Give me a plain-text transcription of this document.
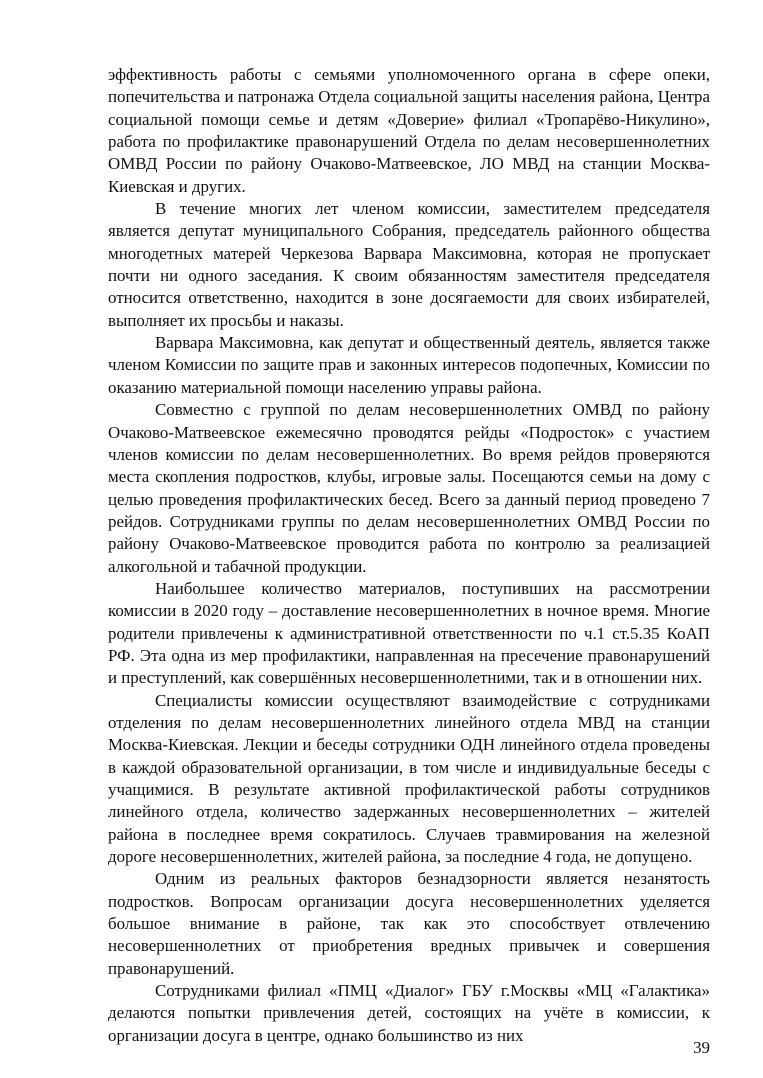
эффективность работы с семьями уполномоченного органа в сфере опеки, попечительства и патронажа Отдела социальной защиты населения района, Центра социальной помощи семье и детям «Доверие» филиал «Тропарёво-Никулино», работа по профилактике правонарушений Отдела по делам несовершеннолетних ОМВД России по району Очаково-Матвеевское, ЛО МВД на станции Москва-Киевская и других.

В течение многих лет членом комиссии, заместителем председателя является депутат муниципального Собрания, председатель районного общества многодетных матерей Черкезова Варвара Максимовна, которая не пропускает почти ни одного заседания. К своим обязанностям заместителя председателя относится ответственно, находится в зоне досягаемости для своих избирателей, выполняет их просьбы и наказы.

Варвара Максимовна, как депутат и общественный деятель, является также членом Комиссии по защите прав и законных интересов подопечных, Комиссии по оказанию материальной помощи населению управы района.

Совместно с группой по делам несовершеннолетних ОМВД по району Очаково-Матвеевское ежемесячно проводятся рейды «Подросток» с участием членов комиссии по делам несовершеннолетних. Во время рейдов проверяются места скопления подростков, клубы, игровые залы. Посещаются семьи на дому с целью проведения профилактических бесед. Всего за данный период проведено 7 рейдов. Сотрудниками группы по делам несовершеннолетних ОМВД России по району Очаково-Матвеевское проводится работа по контролю за реализацией алкогольной и табачной продукции.

Наибольшее количество материалов, поступивших на рассмотрении комиссии в 2020 году – доставление несовершеннолетних в ночное время. Многие родители привлечены к административной ответственности по ч.1 ст.5.35 КоАП РФ. Эта одна из мер профилактики, направленная на пресечение правонарушений и преступлений, как совершённых несовершеннолетними, так и в отношении них.

Специалисты комиссии осуществляют взаимодействие с сотрудниками отделения по делам несовершеннолетних линейного отдела МВД на станции Москва-Киевская. Лекции и беседы сотрудники ОДН линейного отдела проведены в каждой образовательной организации, в том числе и индивидуальные беседы с учащимися. В результате активной профилактической работы сотрудников линейного отдела, количество задержанных несовершеннолетних – жителей района в последнее время сократилось. Случаев травмирования на железной дороге несовершеннолетних, жителей района, за последние 4 года, не допущено.

Одним из реальных факторов безнадзорности является незанятость подростков. Вопросам организации досуга несовершеннолетних уделяется большое внимание в районе, так как это способствует отвлечению несовершеннолетних от приобретения вредных привычек и совершения правонарушений.

Сотрудниками филиал «ПМЦ «Диалог» ГБУ г.Москвы «МЦ «Галактика» делаются попытки привлечения детей, состоящих на учёте в комиссии, к организации досуга в центре, однако большинство из них

39
